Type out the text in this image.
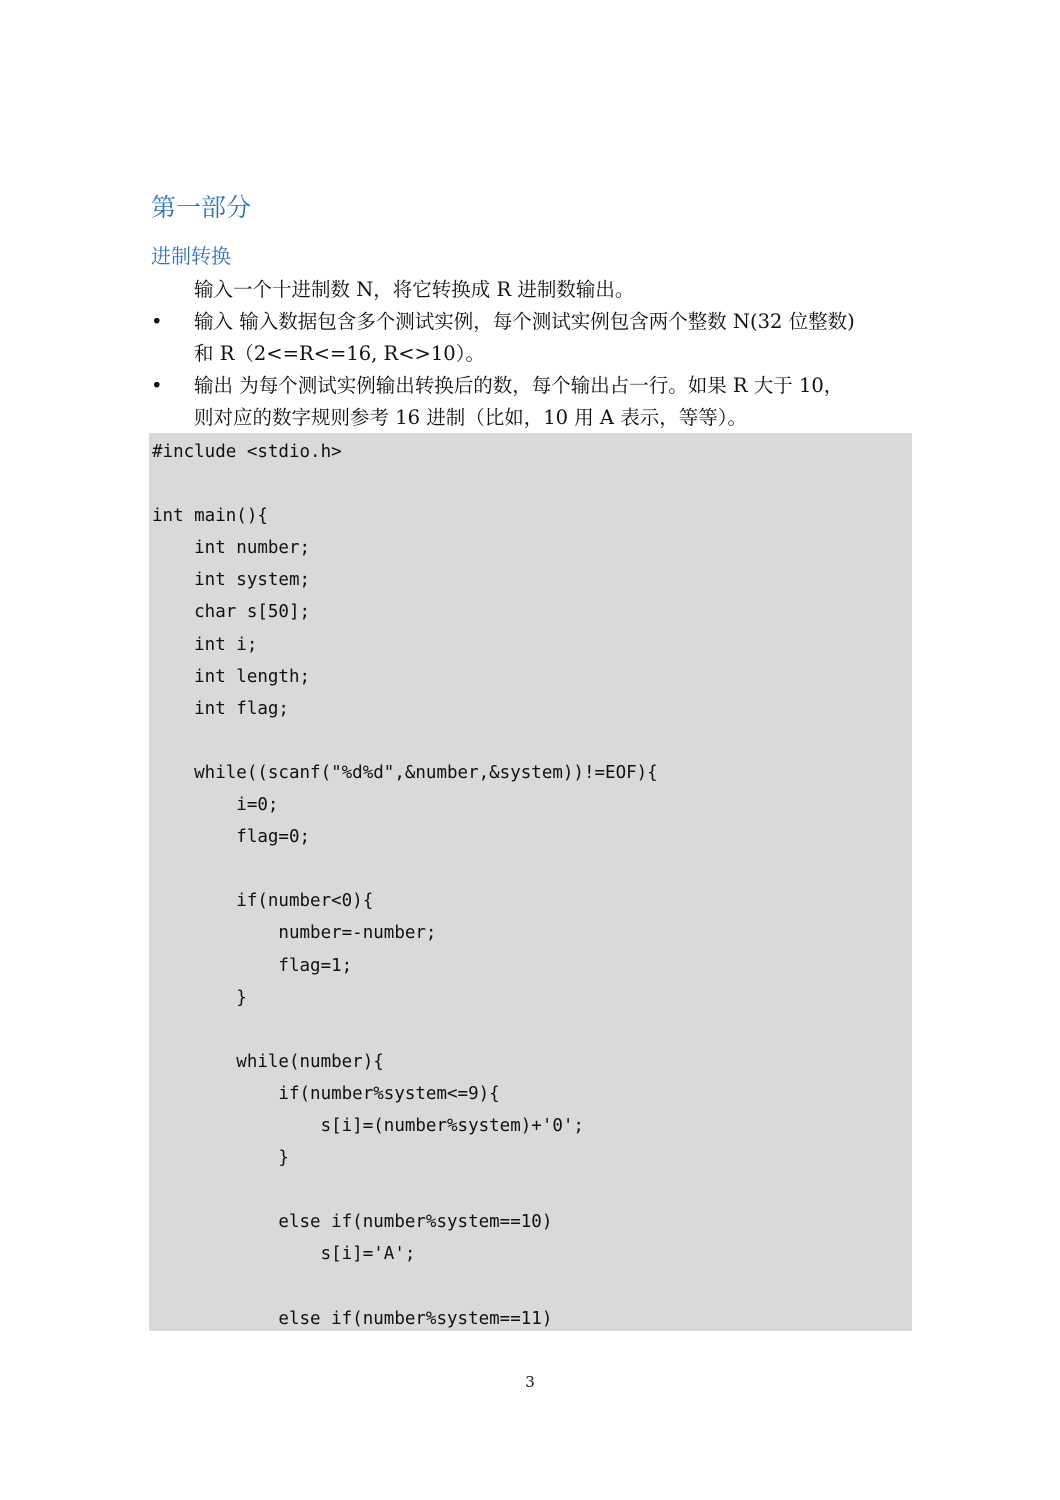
第一部分
进制转换

输入一个十进制数 N，将它转换成 R 进制数输出。

•	输入 输入数据包含多个测试实例，每个测试实例包含两个整数 N(32 位整数)
和 R（2<=R<=16, R<>10）。
•	输出 为每个测试实例输出转换后的数，每个输出占一行。如果 R 大于 10，
则对应的数字规则参考 16 进制（比如，10 用 A 表示，等等）。
#include <stdio.h>
int main(){
int number;
int system;
char s[50];
int i;
int length;
int flag;
while((scanf("%d%d",&number,&system))!=EOF){
i=0;
flag=0;
if(number<0){
number=-number;
flag=1;
}
while(number){
if(number%system<=9){
s[i]=(number%system)+'0';
}
else if(number%system==10)
s[i]='A';
else if(number%system==11)
3
